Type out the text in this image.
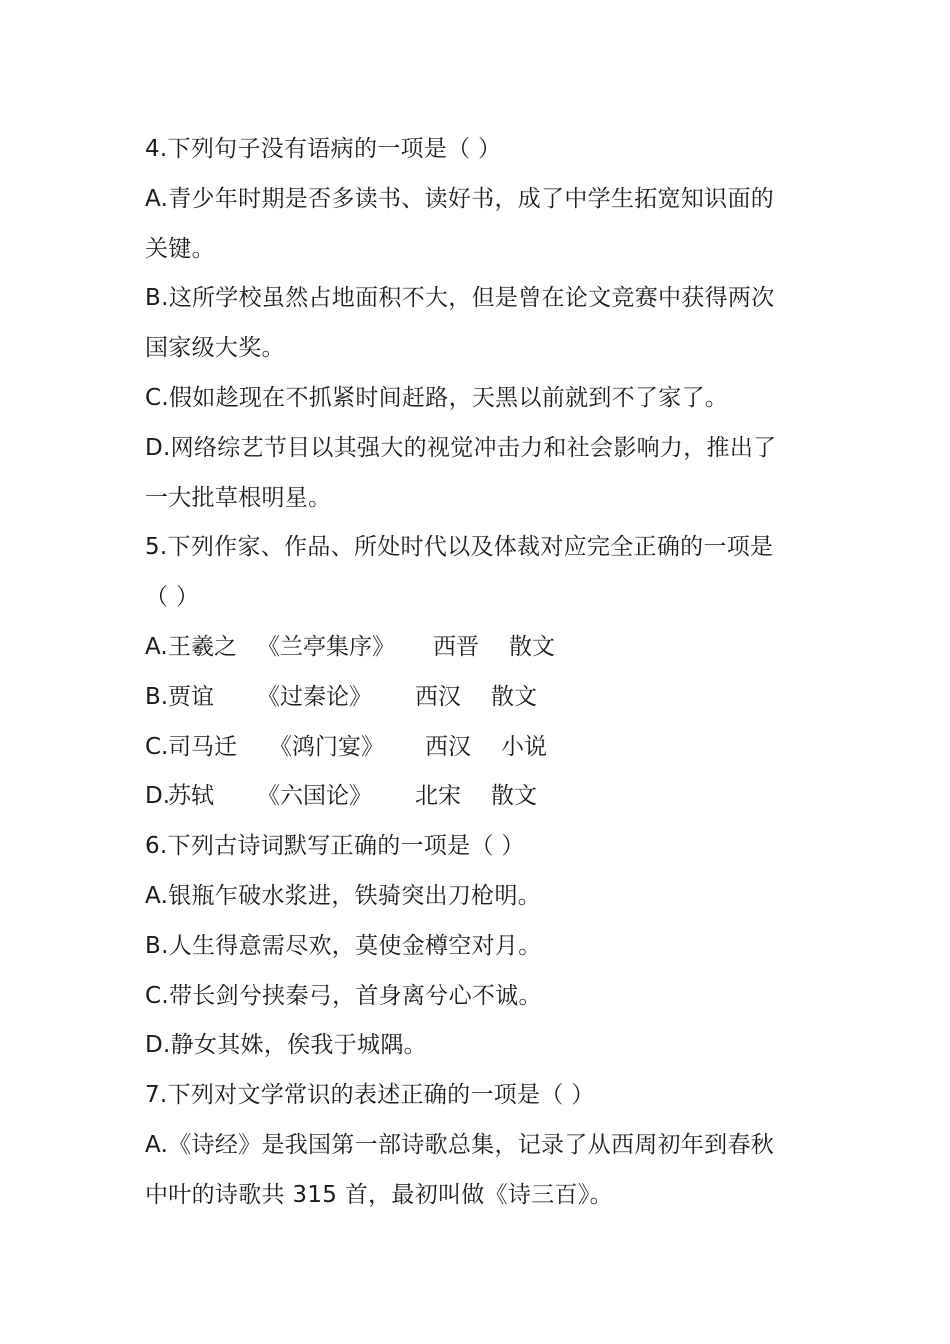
4.下列句子没有语病的一项是（ ）
A.青少年时期是否多读书、读好书，成了中学生拓宽知识面的
关键。
B.这所学校虽然占地面积不大，但是曾在论文竞赛中获得两次
国家级大奖。
C.假如趁现在不抓紧时间赶路，天黑以前就到不了家了。
D.网络综艺节目以其强大的视觉冲击力和社会影响力，推出了
一大批草根明星。
5.下列作家、作品、所处时代以及体裁对应完全正确的一项是
（ ）
A. 王羲之 《兰亭集序》 西晋 散文
B. 贾谊 《过秦论》 西汉 散文
C. 司马迁 《鸿门宴》 西汉 小说
D.
苏轼 《六国论》 北宋 散文
6.下列古诗词默写正确的一项是（ ）
A.银瓶乍破水浆进，铁骑突出刀枪明。
B.人生得意需尽欢，莫使金樽空对月。
C.带长剑兮挟秦弓，首身离兮心不诚。
D.静女其姝，俟我于城隅。
7.下列对文学常识的表述正确的一项是（ ）
A.《诗经》是我国第一部诗歌总集，记录了从西周初年到春秋
中叶的诗歌共 315 首，最初叫做《诗三百》。
